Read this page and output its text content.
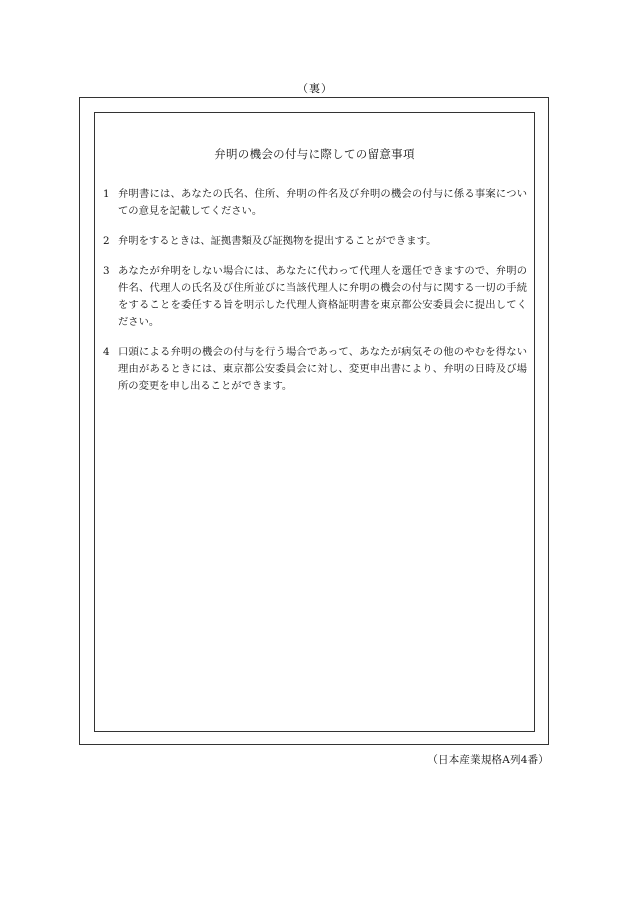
（裏）
弁明の機会の付与に際しての留意事項
1 弁明書には、あなたの氏名、住所、弁明の件名及び弁明の機会の付与に係る事案についての意見を記載してください。
2 弁明をするときは、証拠書類及び証拠物を提出することができます。
3 あなたが弁明をしない場合には、あなたに代わって代理人を選任できますので、弁明の件名、代理人の氏名及び住所並びに当該代理人に弁明の機会の付与に関する一切の手続をすることを委任する旨を明示した代理人資格証明書を東京都公安委員会に提出してください。
4 口頭による弁明の機会の付与を行う場合であって、あなたが病気その他のやむを得ない理由があるときには、東京都公安委員会に対し、変更申出書により、弁明の日時及び場所の変更を申し出ることができます。
（日本産業規格A列4番）
